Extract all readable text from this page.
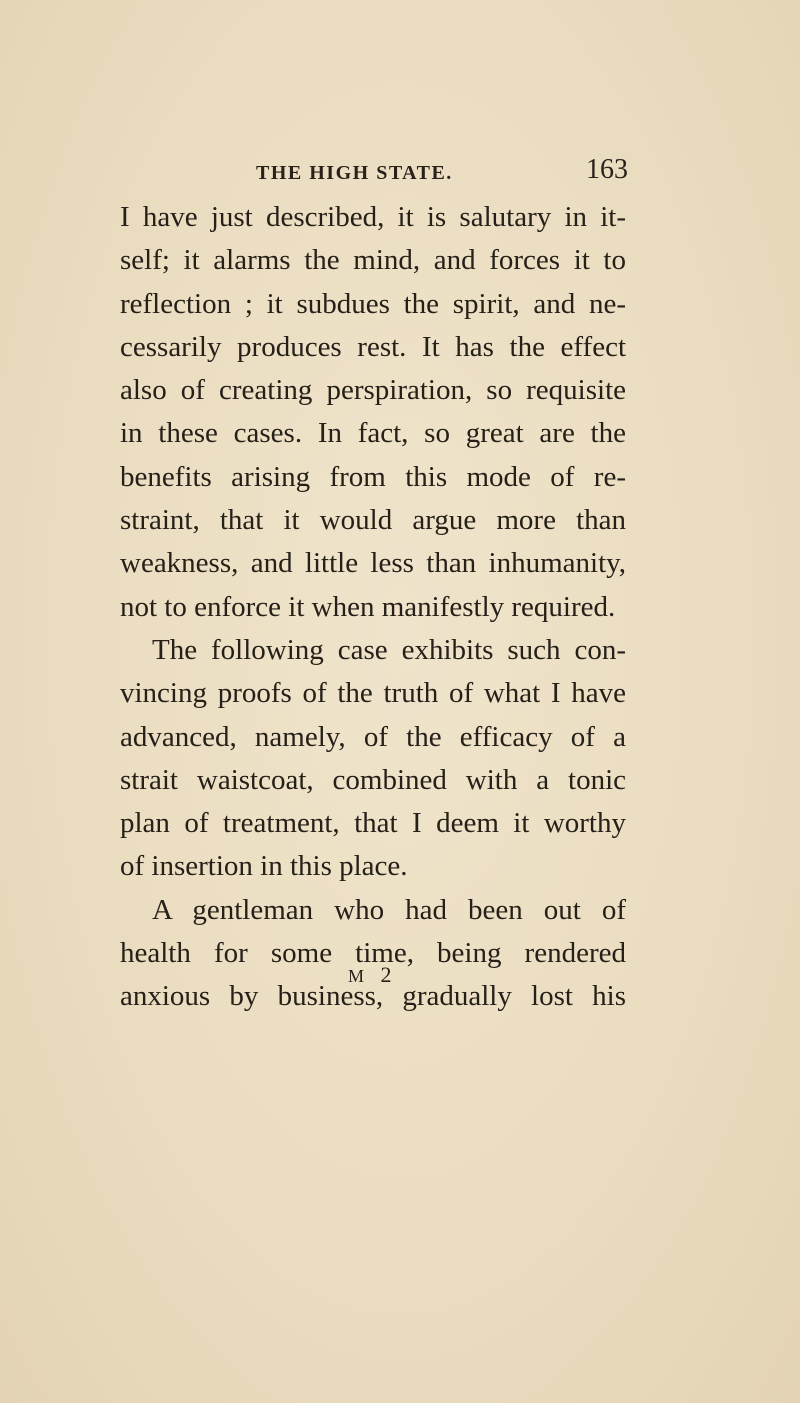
THE HIGH STATE.	163
I have just described, it is salutary in it-
self; it alarms the mind, and forces it to
reflection ; it subdues the spirit, and ne-
cessarily produces rest. It has the effect
also of creating perspiration, so requisite
in these cases. In fact, so great are the
benefits arising from this mode of re-
straint, that it would argue more than
weakness, and little less than inhumanity,
not to enforce it when manifestly required.
The following case exhibits such con-
vincing proofs of the truth of what I have
advanced, namely, of the efficacy of a
strait waistcoat, combined with a tonic
plan of treatment, that I deem it worthy
of insertion in this place.
A gentleman who had been out of
health for some time, being rendered
anxious by business, gradually lost his
M 2
